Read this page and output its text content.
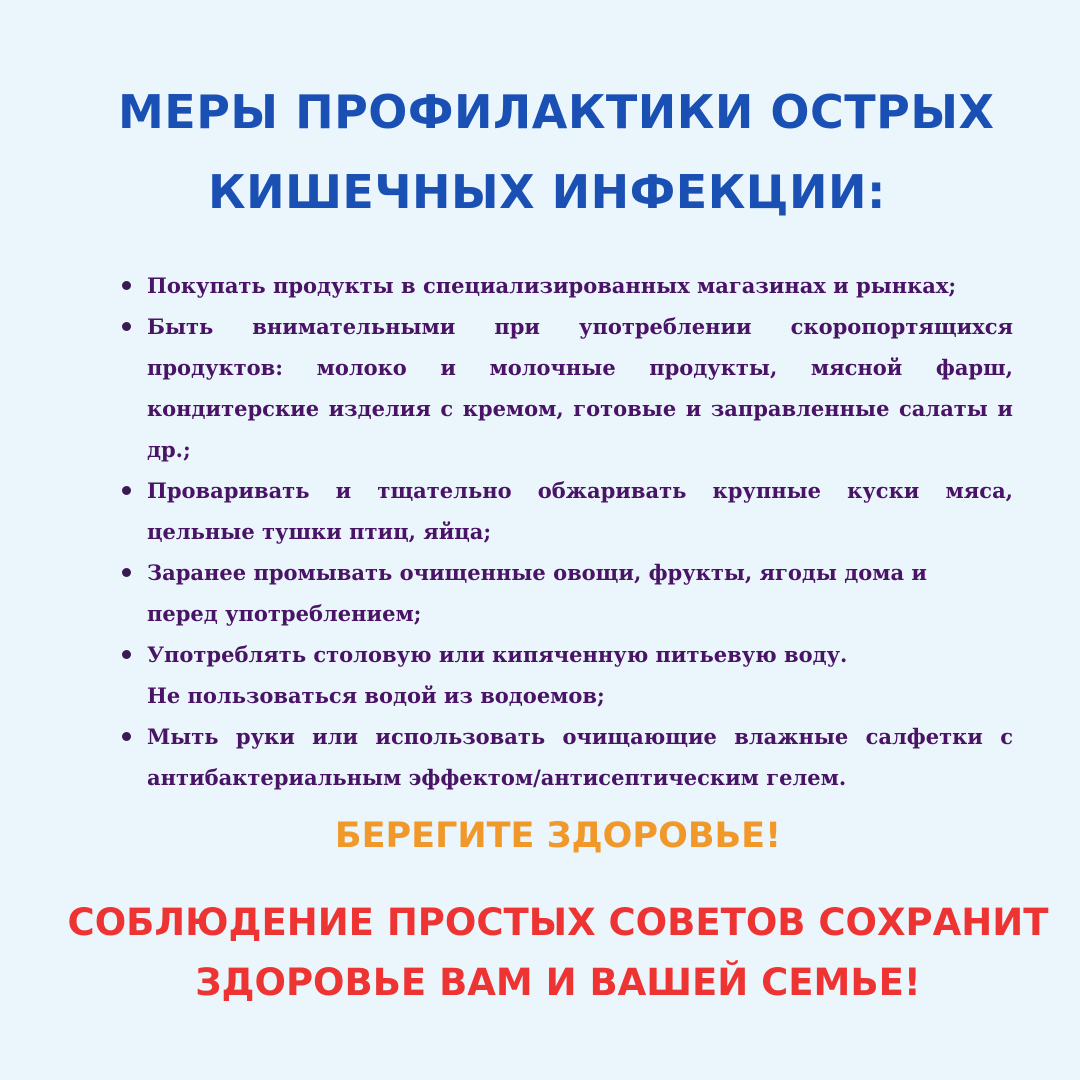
МЕРЫ ПРОФИЛАКТИКИ ОСТРЫХ
КИШЕЧНЫХ ИНФЕКЦИИ:
Покупать продукты в специализированных магазинах и рынках;
Быть внимательными при употреблении скоропортящихся продуктов: молоко и молочные продукты, мясной фарш, кондитерские изделия с кремом, готовые и заправленные салаты и др.;
Проваривать и тщательно обжаривать крупные куски мяса, цельные тушки птиц, яйца;
Заранее промывать очищенные овощи, фрукты, ягоды дома и
перед употреблением;
Употреблять столовую или кипяченную питьевую воду.
Не пользоваться водой из водоемов;
Мыть руки или использовать очищающие влажные салфетки с антибактериальным эффектом/антисептическим гелем.
БЕРЕГИТЕ ЗДОРОВЬЕ!
СОБЛЮДЕНИЕ ПРОСТЫХ СОВЕТОВ СОХРАНИТ
ЗДОРОВЬЕ ВАМ И ВАШЕЙ СЕМЬЕ!
